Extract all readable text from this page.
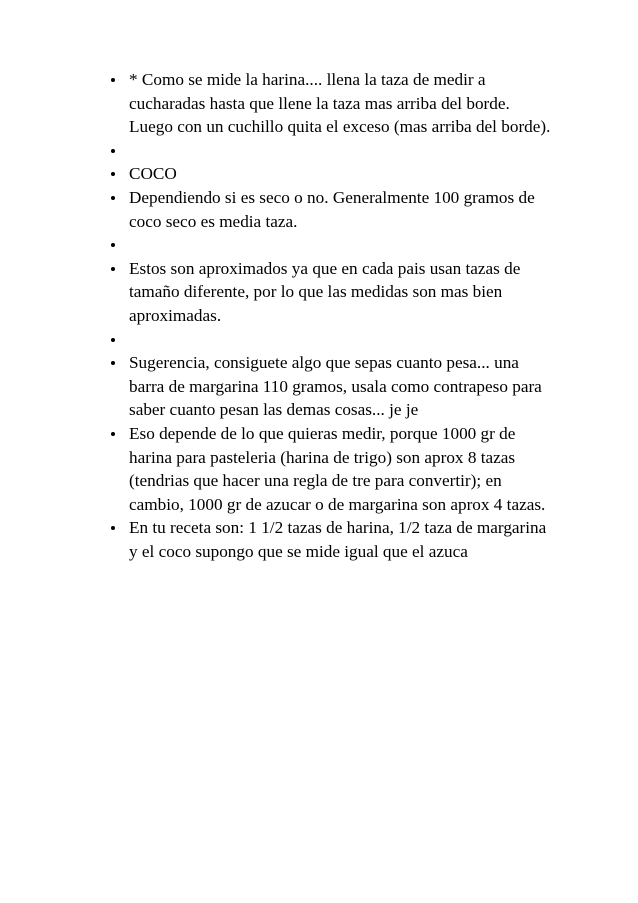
* Como se mide la harina.... llena la taza de medir a cucharadas hasta que llene la taza mas arriba del borde. Luego con un cuchillo quita el exceso (mas arriba del borde).
COCO
Dependiendo si es seco o no. Generalmente 100 gramos de coco seco es media taza.
Estos son aproximados ya que en cada pais usan tazas de tamaño diferente, por lo que las medidas son mas bien aproximadas.
Sugerencia, consiguete algo que sepas cuanto pesa... una barra de margarina 110 gramos, usala como contrapeso para saber cuanto pesan las demas cosas... je je
Eso depende de lo que quieras medir, porque 1000 gr de harina para pasteleria (harina de trigo) son aprox 8 tazas (tendrias que hacer una regla de tre para convertir); en cambio, 1000 gr de azucar o de margarina son aprox 4 tazas.
En tu receta son: 1 1/2 tazas de harina, 1/2 taza de margarina y el coco supongo que se mide igual que el azuca
